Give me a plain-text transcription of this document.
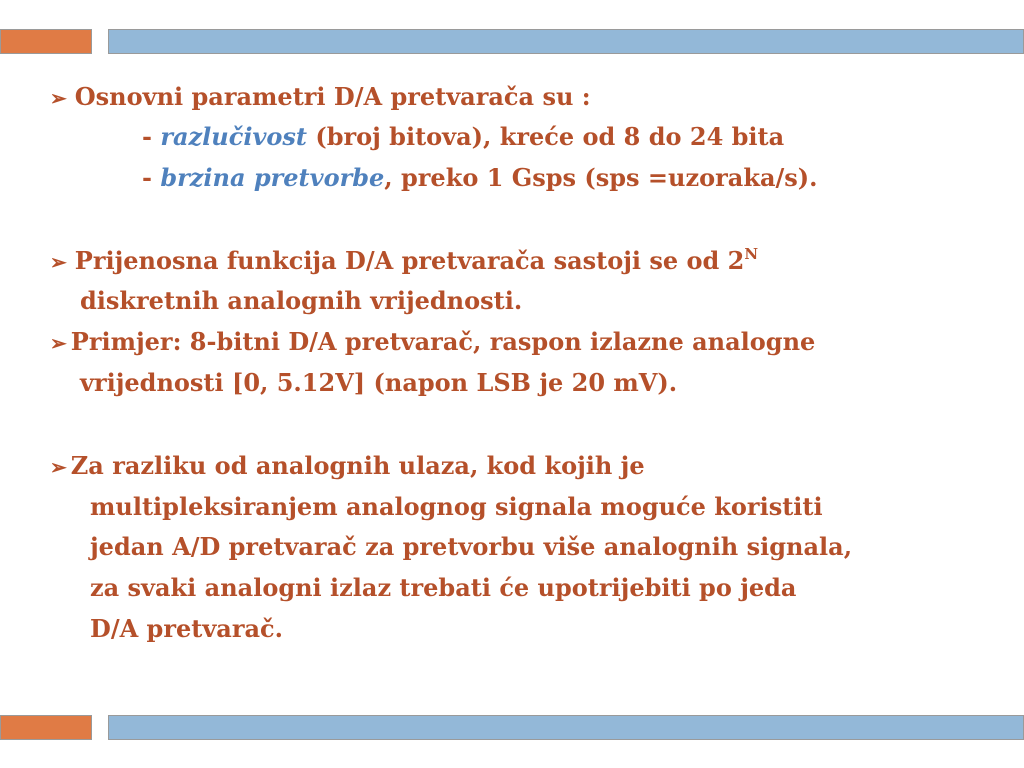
➢ Osnovni parametri D/A pretvarača su :
- razlučivost (broj bitova), kreće od 8 do 24 bita
- brzina pretvorbe, preko 1 Gsps (sps =uzoraka/s).
➢ Prijenosna funkcija D/A pretvarača sastoji se od $2^N$
diskretnih analognih vrijednosti.
➢ Primjer: 8-bitni D/A pretvarač, raspon izlazne analogne
vrijednosti [0, 5.12V] (napon LSB je 20 mV).
➢ Za razliku od analognih ulaza, kod kojih je
multipleksiranjem analognog signala moguće koristiti
jedan A/D pretvarač za pretvorbu više analognih signala,
za svaki analogni izlaz trebati će upotrijebiti po jeda
D/A pretvarač.
